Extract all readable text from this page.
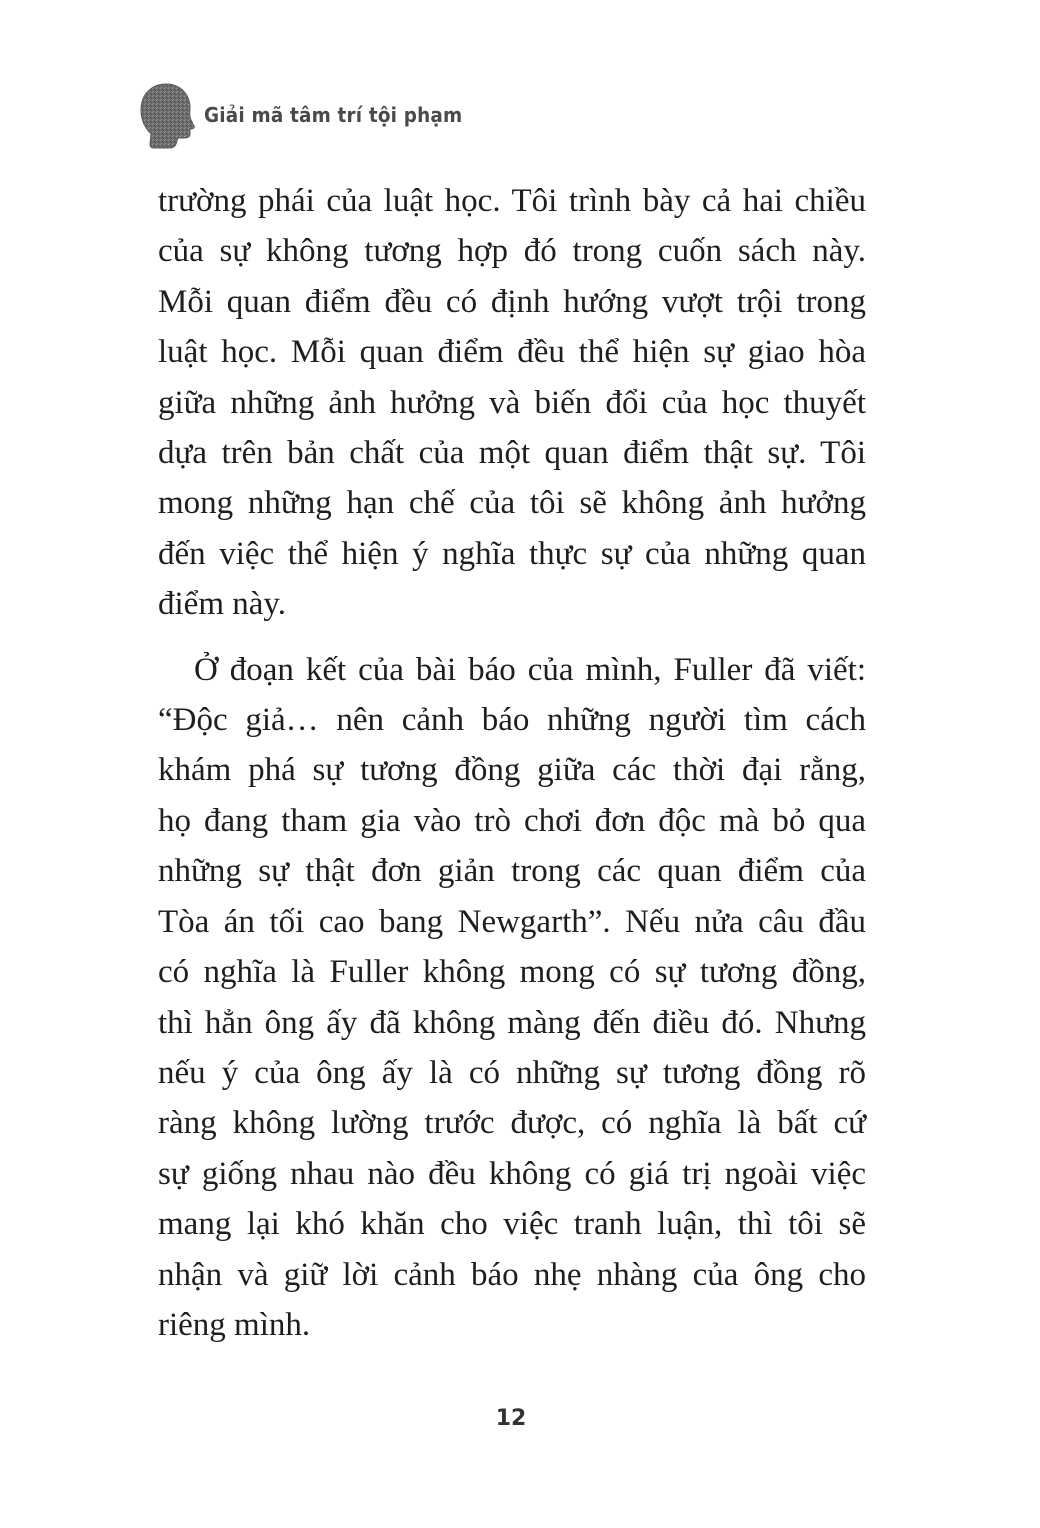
Giải mã tâm trí tội phạm

trường phái của luật học. Tôi trình bày cả hai chiều
của sự không tương hợp đó trong cuốn sách này.
Mỗi quan điểm đều có định hướng vượt trội trong
luật học. Mỗi quan điểm đều thể hiện sự giao hòa
giữa những ảnh hưởng và biến đổi của học thuyết
dựa trên bản chất của một quan điểm thật sự. Tôi
mong những hạn chế của tôi sẽ không ảnh hưởng
đến việc thể hiện ý nghĩa thực sự của những quan
điểm này.

Ở đoạn kết của bài báo của mình, Fuller đã viết:
“Độc giả… nên cảnh báo những người tìm cách
khám phá sự tương đồng giữa các thời đại rằng,
họ đang tham gia vào trò chơi đơn độc mà bỏ qua
những sự thật đơn giản trong các quan điểm của
Tòa án tối cao bang Newgarth”. Nếu nửa câu đầu
có nghĩa là Fuller không mong có sự tương đồng,
thì hẳn ông ấy đã không màng đến điều đó. Nhưng
nếu ý của ông ấy là có những sự tương đồng rõ
ràng không lường trước được, có nghĩa là bất cứ
sự giống nhau nào đều không có giá trị ngoài việc
mang lại khó khăn cho việc tranh luận, thì tôi sẽ
nhận và giữ lời cảnh báo nhẹ nhàng của ông cho
riêng mình.

12
